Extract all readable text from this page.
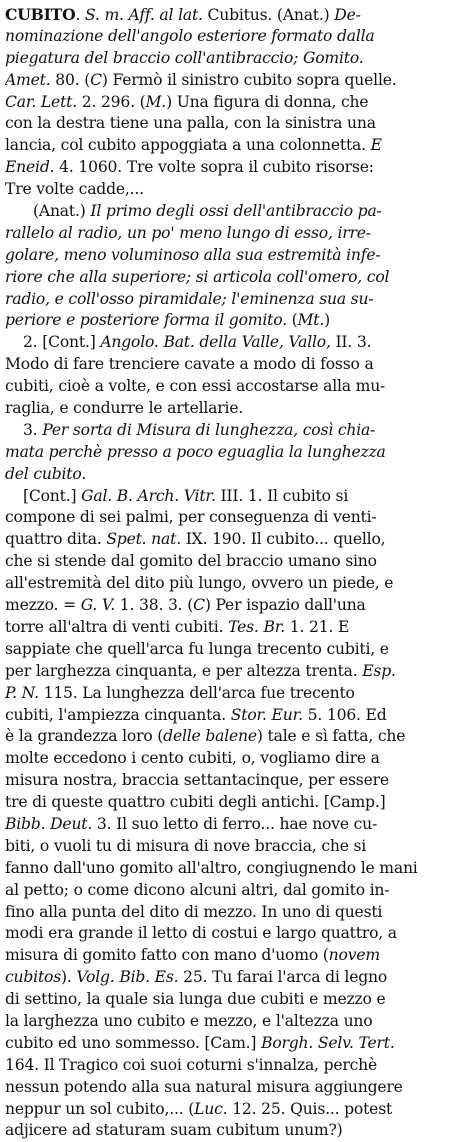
CUBITO. S. m. Aff. al lat. Cubitus. (Anat.) De-
nominazione dell'angolo esteriore formato dalla
piegatura del braccio coll'antibraccio; Gomito.
Amet. 80. (C) Fermò il sinistro cubito sopra quelle.
Car. Lett. 2. 296. (M.) Una figura di donna, che
con la destra tiene una palla, con la sinistra una
lancia, col cubito appoggiata a una colonnetta. E
Eneid. 4. 1060. Tre volte sopra il cubito risorse:
Tre volte cadde,...
(Anat.) Il primo degli ossi dell'antibraccio pa-
rallelo al radio, un po' meno lungo di esso, irre-
golare, meno voluminoso alla sua estremità infe-
riore che alla superiore; si articola coll'omero, col
radio, e coll'osso piramidale; l'eminenza sua su-
periore e posteriore forma il gomito. (Mt.)
2. [Cont.] Angolo. Bat. della Valle, Vallo, II. 3.
Modo di fare trenciere cavate a modo di fosso a
cubiti, cioè a volte, e con essi accostarse alla mu-
raglia, e condurre le artellarie.
3. Per sorta di Misura di lunghezza, così chia-
mata perchè presso a poco eguaglia la lunghezza
del cubito.
[Cont.] Gal. B. Arch. Vitr. III. 1. Il cubito si
compone di sei palmi, per conseguenza di venti-
quattro dita. Spet. nat. IX. 190. Il cubito... quello,
che si stende dal gomito del braccio umano sino
all'estremità del dito più lungo, ovvero un piede, e
mezzo. = G. V. 1. 38. 3. (C) Per ispazio dall'una
torre all'altra di venti cubiti. Tes. Br. 1. 21. E
sappiate che quell'arca fu lunga trecento cubiti, e
per larghezza cinquanta, e per altezza trenta. Esp.
P. N. 115. La lunghezza dell'arca fue trecento
cubiti, l'ampiezza cinquanta. Stor. Eur. 5. 106. Ed
è la grandezza loro (delle balene) tale e sì fatta, che
molte eccedono i cento cubiti, o, vogliamo dire a
misura nostra, braccia settantacinque, per essere
tre di queste quattro cubiti degli antichi. [Camp.]
Bibb. Deut. 3. Il suo letto di ferro... hae nove cu-
biti, o vuoli tu di misura di nove braccia, che si
fanno dall'uno gomito all'altro, congiugnendo le mani
al petto; o come dicono alcuni altri, dal gomito in-
fino alla punta del dito di mezzo. In uno di questi
modi era grande il letto di costui e largo quattro, a
misura di gomito fatto con mano d'uomo (novem
cubitos). Volg. Bib. Es. 25. Tu farai l'arca di legno
di settino, la quale sia lunga due cubiti e mezzo e
la larghezza uno cubito e mezzo, e l'altezza uno
cubito ed uno sommesso. [Cam.] Borgh. Selv. Tert.
164. Il Tragico coi suoi coturni s'innalza, perchè
nessun potendo alla sua natural misura aggiungere
neppur un sol cubito,... (Luc. 12. 25. Quis... potest
adjicere ad staturam suam cubitum unum?)
